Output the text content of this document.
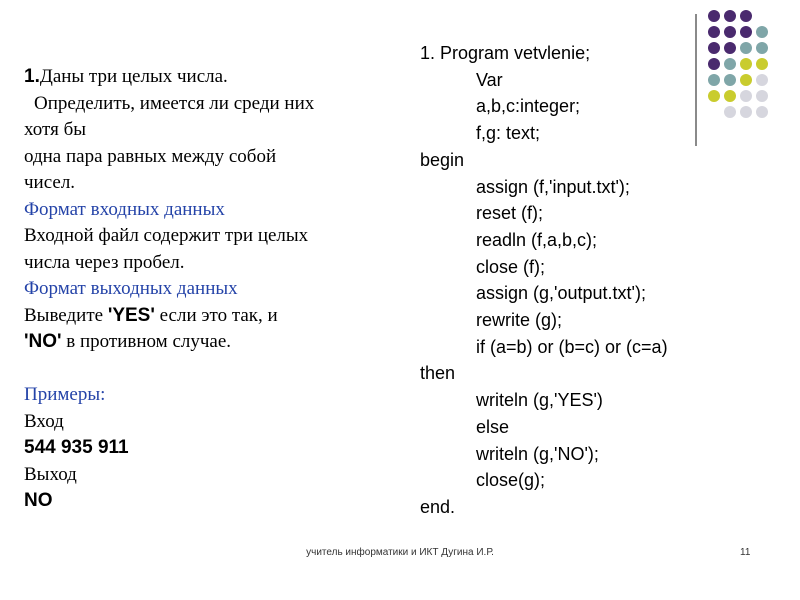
1.Даны три целых числа.
Определить, имеется ли среди них
хотя бы
одна пара равных между собой
чисел.
Формат входных данных
Входной файл содержит три целых
числа через пробел.
Формат выходных данных
Выведите 'YES' если это так, и
'NO' в противном случае.
Примеры:
Вход
544 935 911
Выход
NO
1. Program vetvlenie;
Var
a,b,c:integer;
f,g: text;
begin
assign (f,'input.txt');
reset (f);
readln (f,a,b,c);
close (f);
assign (g,'output.txt');
rewrite (g);
if (a=b) or (b=c) or (c=a)
then
writeln (g,'YES')
else
writeln (g,'NO');
close(g);
end.
учитель информатики и ИКТ Дугина И.Р.	11
